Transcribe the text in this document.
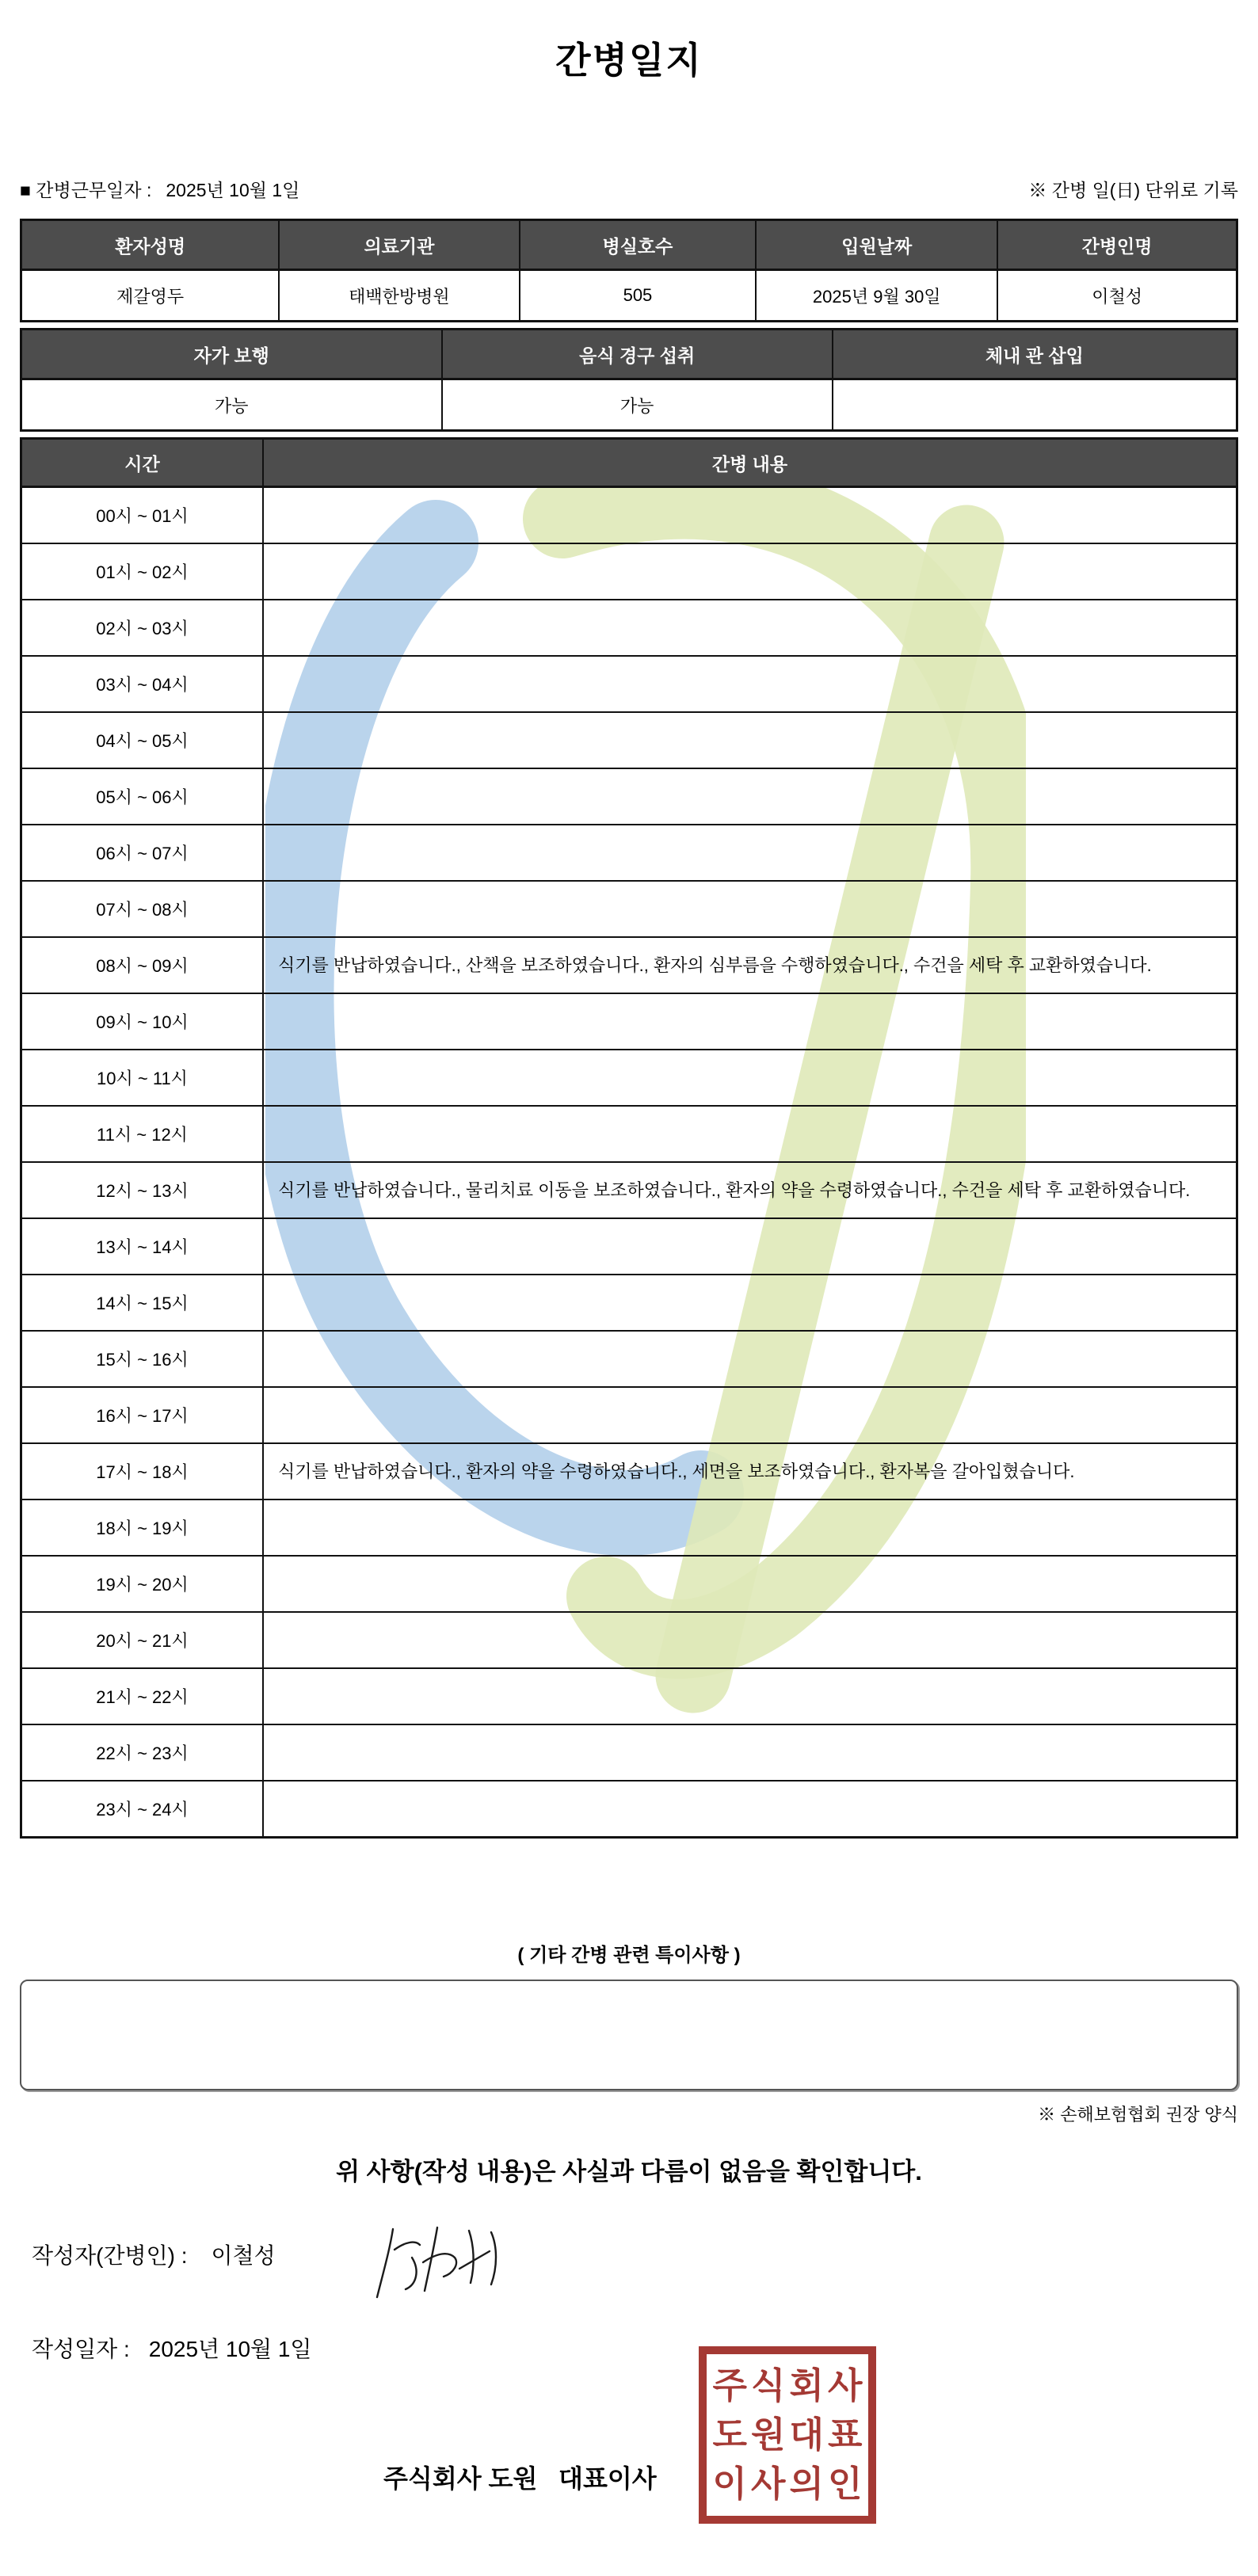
간병일지
■ 간병근무일자 : 2025년 10월 1일	※ 간병 일(日) 단위로 기록
환자성명	의료기관	병실호수	입원날짜	간병인명
제갈영두	태백한방병원	505	2025년 9월 30일	이철성
자가 보행	음식 경구 섭취	체내 관 삽입
가능	가능
시간	간병 내용
00시 ~ 01시
01시 ~ 02시
02시 ~ 03시
03시 ~ 04시
04시 ~ 05시
05시 ~ 06시
06시 ~ 07시
07시 ~ 08시
08시 ~ 09시	식기를 반납하였습니다., 산책을 보조하였습니다., 환자의 심부름을 수행하였습니다., 수건을 세탁 후 교환하였습니다.
09시 ~ 10시
10시 ~ 11시
11시 ~ 12시
12시 ~ 13시	식기를 반납하였습니다., 물리치료 이동을 보조하였습니다., 환자의 약을 수령하였습니다., 수건을 세탁 후 교환하였습니다.
13시 ~ 14시
14시 ~ 15시
15시 ~ 16시
16시 ~ 17시
17시 ~ 18시	식기를 반납하였습니다., 환자의 약을 수령하였습니다., 세면을 보조하였습니다., 환자복을 갈아입혔습니다.
18시 ~ 19시
19시 ~ 20시
20시 ~ 21시
21시 ~ 22시
22시 ~ 23시
23시 ~ 24시
( 기타 간병 관련 특이사항 )
※ 손해보험협회 권장 양식
위 사항(작성 내용)은 사실과 다름이 없음을 확인합니다.
작성자(간병인) : 이철성
작성일자 : 2025년 10월 1일
주식회사 도원   대표이사
주식회사
도원대표
이사의인
